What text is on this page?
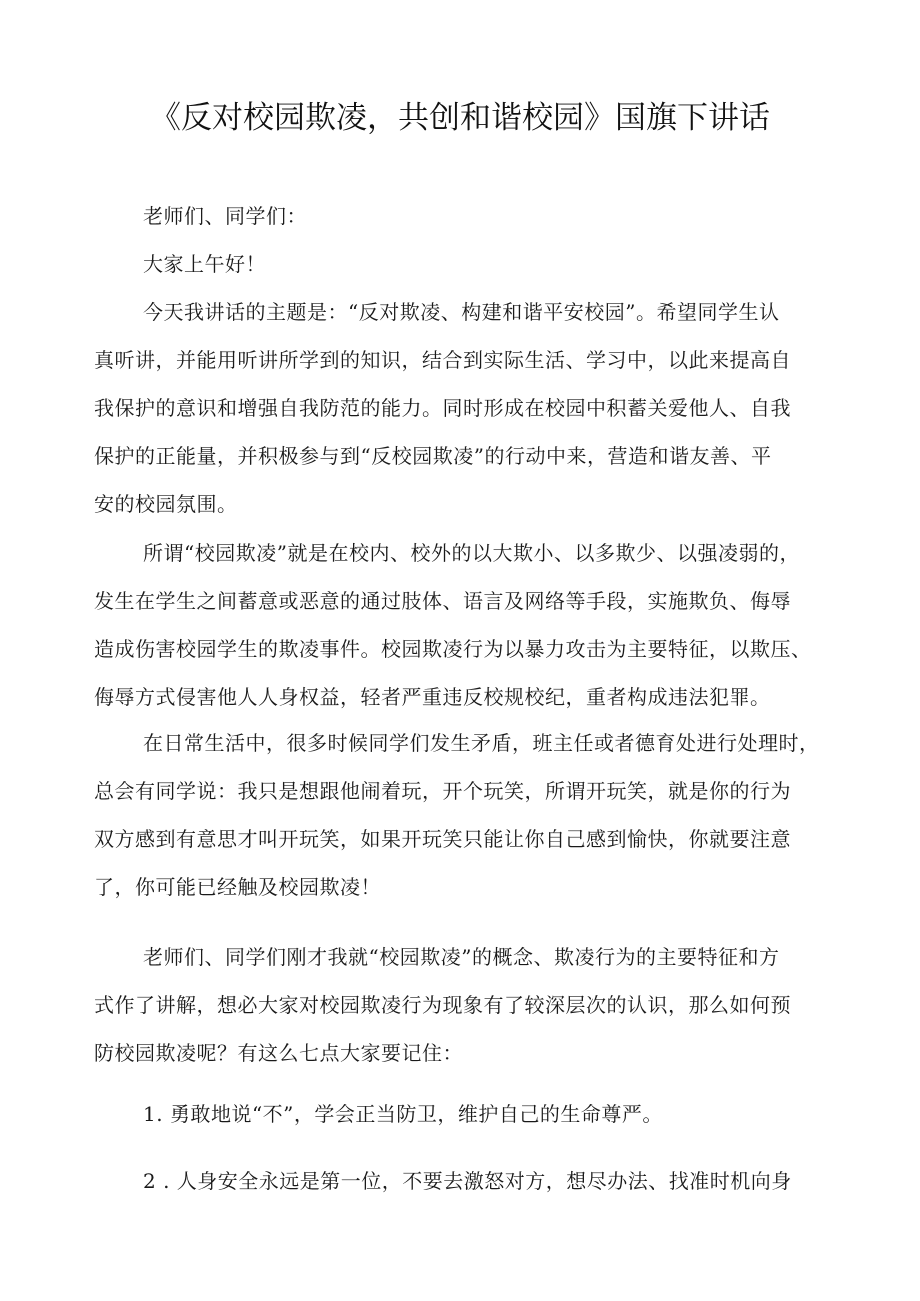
《反对校园欺凌，共创和谐校园》国旗下讲话

老师们、同学们：

大家上午好！

今天我讲话的主题是：“反对欺凌、构建和谐平安校园”。希望同学生认
真听讲，并能用听讲所学到的知识，结合到实际生活、学习中，以此来提高自
我保护的意识和增强自我防范的能力。同时形成在校园中积蓄关爱他人、自我
保护的正能量，并积极参与到“反校园欺凌”的行动中来，营造和谐友善、平
安的校园氛围。
所谓“校园欺凌”就是在校内、校外的以大欺小、以多欺少、以强凌弱的，
发生在学生之间蓄意或恶意的通过肢体、语言及网络等手段，实施欺负、侮辱
造成伤害校园学生的欺凌事件。校园欺凌行为以暴力攻击为主要特征，以欺压、
侮辱方式侵害他人人身权益，轻者严重违反校规校纪，重者构成违法犯罪。
在日常生活中，很多时候同学们发生矛盾，班主任或者德育处进行处理时，
总会有同学说：我只是想跟他闹着玩，开个玩笑，所谓开玩笑，就是你的行为
双方感到有意思才叫开玩笑，如果开玩笑只能让你自己感到愉快，你就要注意
了，你可能已经触及校园欺凌！
老师们、同学们刚才我就“校园欺凌”的概念、欺凌行为的主要特征和方
式作了讲解，想必大家对校园欺凌行为现象有了较深层次的认识，那么如何预
防校园欺凌呢？有这么七点大家要记住：
1. 勇敢地说“不”，学会正当防卫，维护自己的生命尊严。
2 . 人身安全永远是第一位，不要去激怒对方，想尽办法、找准时机向身
